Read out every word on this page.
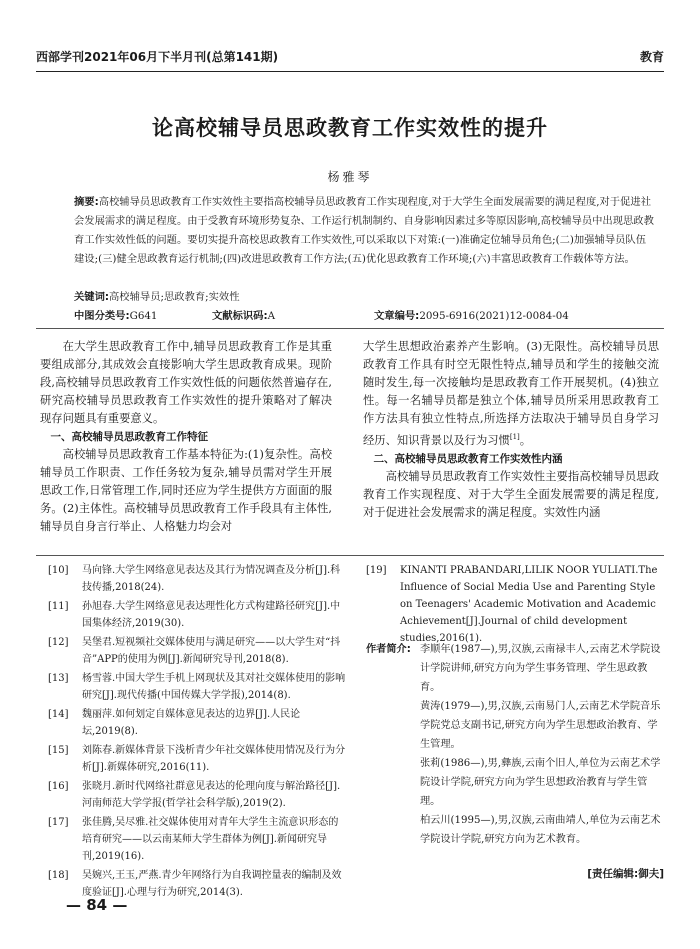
西部学刊2021年06月下半月刊(总第141期)	教育
论高校辅导员思政教育工作实效性的提升
杨雅琴
摘要:高校辅导员思政教育工作实效性主要指高校辅导员思政教育工作实现程度,对于大学生全面发展需要的满足程度,对于促进社会发展需求的满足程度。由于受教育环境形势复杂、工作运行机制制约、自身影响因素过多等原因影响,高校辅导员中出现思政教育工作实效性低的问题。要切实提升高校思政教育工作实效性,可以采取以下对策:(一)准确定位辅导员角色;(二)加强辅导员队伍建设;(三)健全思政教育运行机制;(四)改进思政教育工作方法;(五)优化思政教育工作环境;(六)丰富思政教育工作载体等方法。
关键词:高校辅导员;思政教育;实效性
中图分类号:G641	文献标识码:A	文章编号:2095-6916(2021)12-0084-04

在大学生思政教育工作中,辅导员思政教育工作是其重要组成部分,其成效会直接影响大学生思政教育成果。现阶段,高校辅导员思政教育工作实效性低的问题依然普遍存在,研究高校辅导员思政教育工作实效性的提升策略对了解决现存问题具有重要意义。

一、高校辅导员思政教育工作特征

高校辅导员思政教育工作基本特征为:(1)复杂性。高校辅导员工作职责、工作任务较为复杂,辅导员需对学生开展思政工作,日常管理工作,同时还应为学生提供方方面面的服务。(2)主体性。高校辅导员思政教育工作手段具有主体性,辅导员自身言行举止、人格魅力均会对

大学生思想政治素养产生影响。(3)无限性。高校辅导员思政教育工作具有时空无限性特点,辅导员和学生的接触交流随时发生,每一次接触均是思政教育工作开展契机。(4)独立性。每一名辅导员都是独立个体,辅导员所采用思政教育工作方法具有独立性特点,所选择方法取决于辅导员自身学习经历、知识背景以及行为习惯[1]。

二、高校辅导员思政教育工作实效性内涵

高校辅导员思政教育工作实效性主要指高校辅导员思政教育工作实现程度、对于大学生全面发展需要的满足程度,对于促进社会发展需求的满足程度。实效性内涵

[10] 马向锋.大学生网络意见表达及其行为情况调查及分析[J].科技传播,2018(24).
[11] 孙旭春.大学生网络意见表达理性化方式构建路径研究[J].中国集体经济,2019(30).
[12] 吴堡君.短视频社交媒体使用与满足研究——以大学生对“抖音”APP的使用为例[J].新闻研究导刊,2018(8).
[13] 杨雪蓉.中国大学生手机上网现状及其对社交媒体使用的影响研究[J].现代传播(中国传媒大学学报),2014(8).
[14] 魏丽萍.如何划定自媒体意见表达的边界[J].人民论坛,2019(8).
[15] 刘陈春.新媒体背景下浅析青少年社交媒体使用情况及行为分析[J].新媒体研究,2016(11).
[16] 张晓月.新时代网络社群意见表达的伦理向度与解治路径[J].河南师范大学学报(哲学社会科学版),2019(2).
[17] 张佳腾,吴尽雅.社交媒体使用对青年大学生主流意识形态的培育研究——以云南某师大学生群体为例[J].新闻研究导刊,2019(16).
[18] 吴婉兴,王玉,严燕.青少年网络行为自我调控量表的编制及效度验证[J].心理与行为研究,2014(3).
[19] KINANTI PRABANDARI,LILIK NOOR YULIATI.The Influence of Social Media Use and Parenting Style on Teenagers' Academic Motivation and Academic Achievement[J].Journal of child development studies,2016(1).
作者简介: 李顺年(1987—),男,汉族,云南禄丰人,云南艺术学院设计学院讲师,研究方向为学生事务管理、学生思政教育。
黄涛(1979—),男,汉族,云南易门人,云南艺术学院音乐学院党总支副书记,研究方向为学生思想政治教育、学生管理。
张莉(1986—),男,彝族,云南个旧人,单位为云南艺术学院设计学院,研究方向为学生思想政治教育与学生管理。
柏云川(1995—),男,汉族,云南曲靖人,单位为云南艺术学院设计学院,研究方向为艺术教育。
[责任编辑:御夫]
— 84 —
